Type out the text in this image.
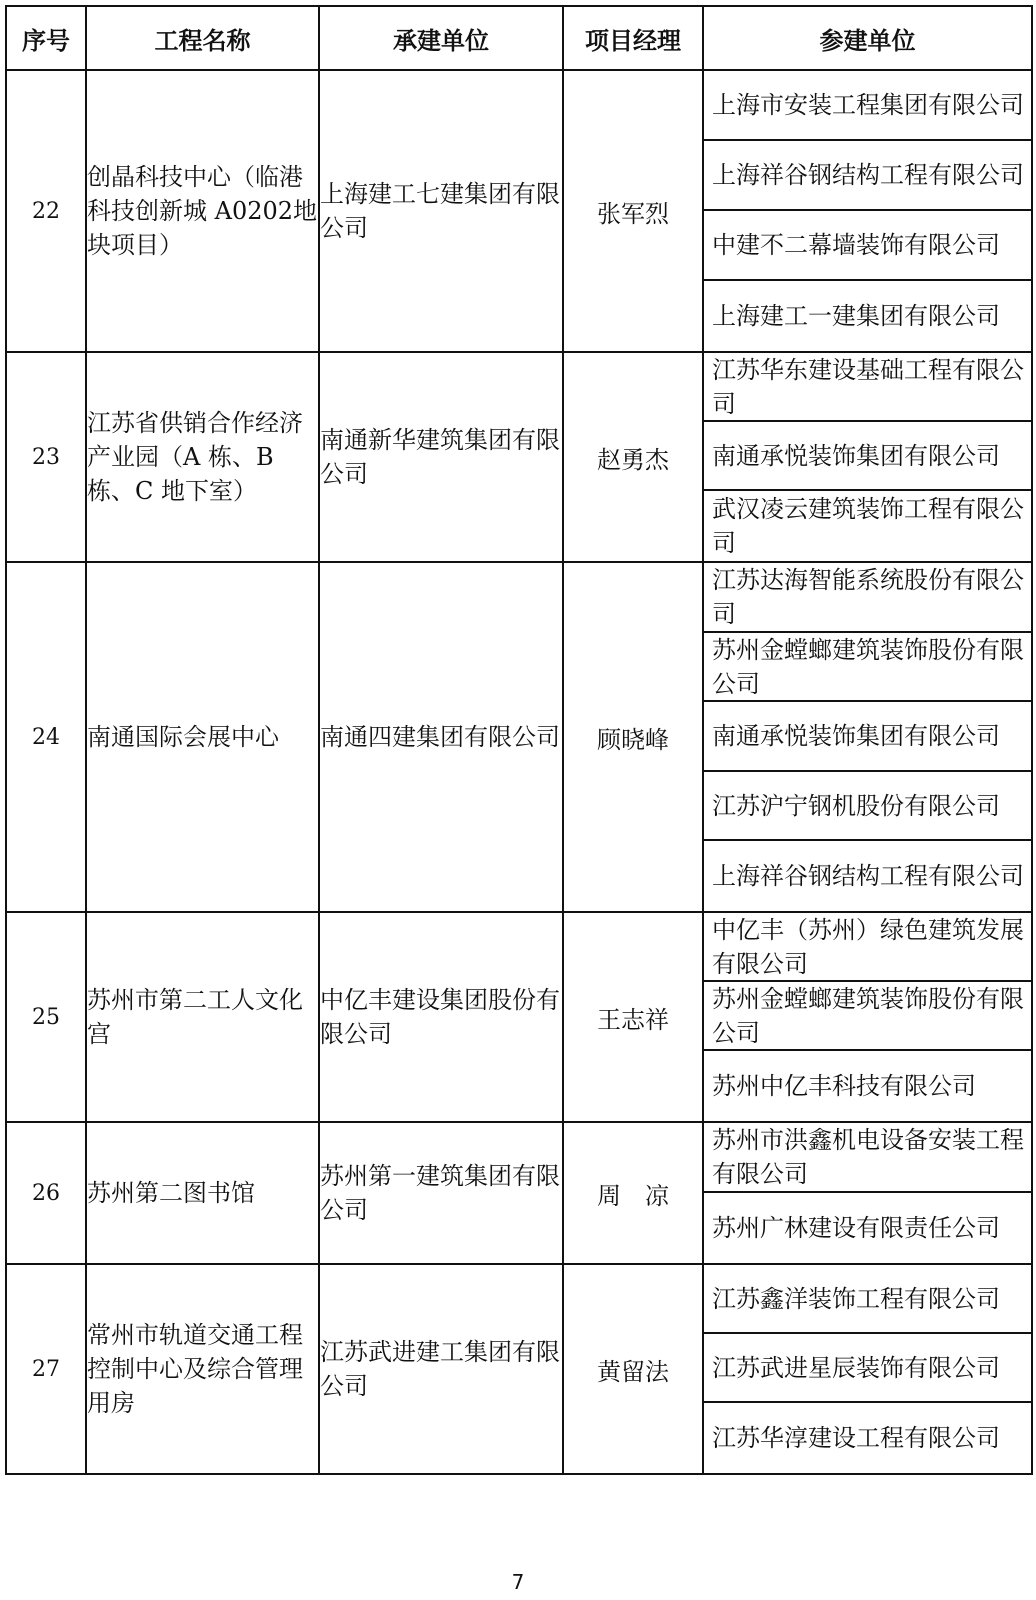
序号	工程名称	承建单位	项目经理	参建单位
22	创晶科技中心（临港科技创新城 A0202地块项目）	上海建工七建集团有限公司	张军烈	上海市安装工程集团有限公司
上海祥谷钢结构工程有限公司
中建不二幕墙装饰有限公司
上海建工一建集团有限公司

23	江苏省供销合作经济产业园（A 栋、B 栋、C 地下室）	南通新华建筑集团有限公司	赵勇杰	江苏华东建设基础工程有限公司
南通承悦装饰集团有限公司
武汉凌云建筑装饰工程有限公司

24	南通国际会展中心	南通四建集团有限公司	顾晓峰	江苏达海智能系统股份有限公司
苏州金螳螂建筑装饰股份有限公司
南通承悦装饰集团有限公司
江苏沪宁钢机股份有限公司
上海祥谷钢结构工程有限公司

25	苏州市第二工人文化宫	中亿丰建设集团股份有限公司	王志祥	中亿丰（苏州）绿色建筑发展有限公司
苏州金螳螂建筑装饰股份有限公司
苏州中亿丰科技有限公司

26	苏州第二图书馆	苏州第一建筑集团有限公司	周　凉	苏州市洪鑫机电设备安装工程有限公司
苏州广林建设有限责任公司

27	常州市轨道交通工程控制中心及综合管理用房	江苏武进建工集团有限公司	黄留法	江苏鑫洋装饰工程有限公司
江苏武进星辰装饰有限公司
江苏华淳建设工程有限公司
7
